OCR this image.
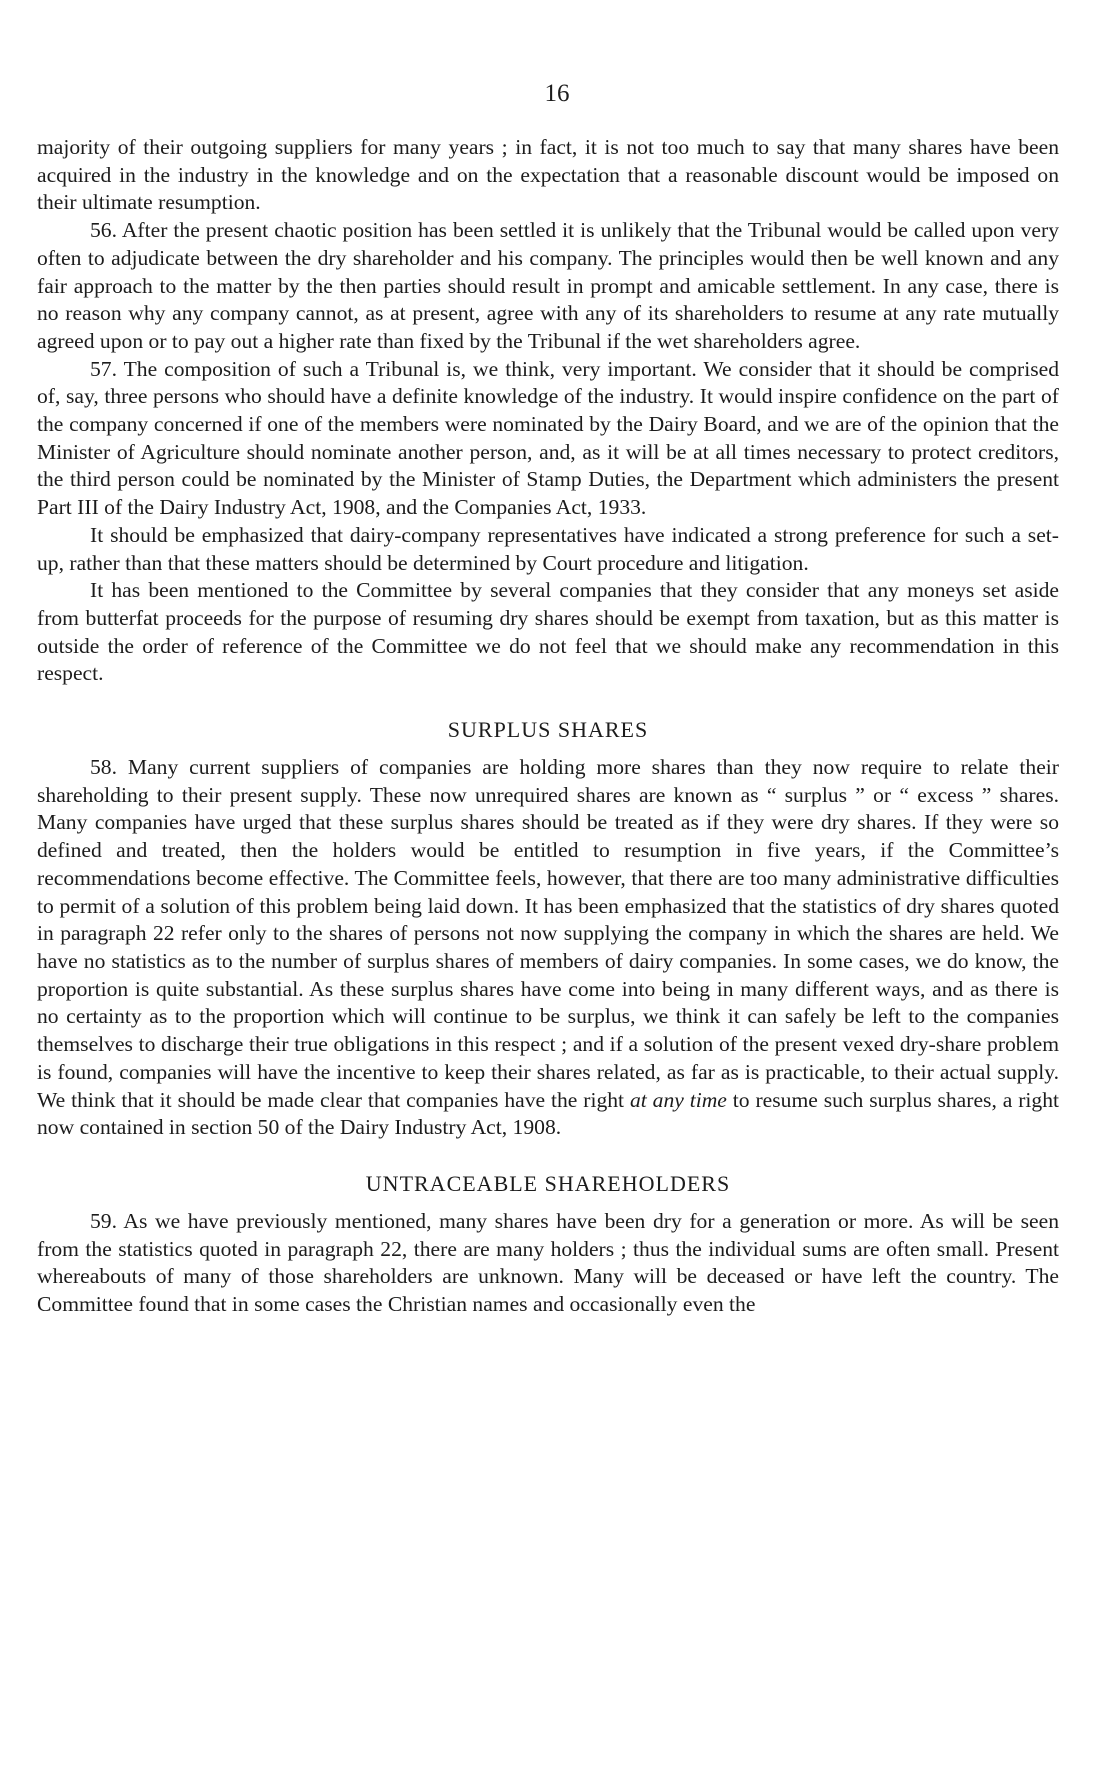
16

majority of their outgoing suppliers for many years ; in fact, it is not too much to say that many shares have been acquired in the industry in the knowledge and on the expectation that a reasonable discount would be imposed on their ultimate resumption.

56. After the present chaotic position has been settled it is unlikely that the Tribunal would be called upon very often to adjudicate between the dry shareholder and his company. The principles would then be well known and any fair approach to the matter by the then parties should result in prompt and amicable settlement. In any case, there is no reason why any company cannot, as at present, agree with any of its shareholders to resume at any rate mutually agreed upon or to pay out a higher rate than fixed by the Tribunal if the wet shareholders agree.

57. The composition of such a Tribunal is, we think, very important. We consider that it should be comprised of, say, three persons who should have a definite knowledge of the industry. It would inspire confidence on the part of the company concerned if one of the members were nominated by the Dairy Board, and we are of the opinion that the Minister of Agriculture should nominate another person, and, as it will be at all times necessary to protect creditors, the third person could be nominated by the Minister of Stamp Duties, the Department which administers the present Part III of the Dairy Industry Act, 1908, and the Companies Act, 1933.

It should be emphasized that dairy-company representatives have indicated a strong preference for such a set-up, rather than that these matters should be determined by Court procedure and litigation.

It has been mentioned to the Committee by several companies that they consider that any moneys set aside from butterfat proceeds for the purpose of resuming dry shares should be exempt from taxation, but as this matter is outside the order of reference of the Committee we do not feel that we should make any recommendation in this respect.

SURPLUS SHARES

58. Many current suppliers of companies are holding more shares than they now require to relate their shareholding to their present supply. These now unrequired shares are known as “ surplus ” or “ excess ” shares. Many companies have urged that these surplus shares should be treated as if they were dry shares. If they were so defined and treated, then the holders would be entitled to resumption in five years, if the Committee’s recommendations become effective. The Committee feels, however, that there are too many administrative difficulties to permit of a solution of this problem being laid down. It has been emphasized that the statistics of dry shares quoted in paragraph 22 refer only to the shares of persons not now supplying the company in which the shares are held. We have no statistics as to the number of surplus shares of members of dairy companies. In some cases, we do know, the proportion is quite substantial. As these surplus shares have come into being in many different ways, and as there is no certainty as to the proportion which will continue to be surplus, we think it can safely be left to the companies themselves to discharge their true obligations in this respect ; and if a solution of the present vexed dry-share problem is found, companies will have the incentive to keep their shares related, as far as is practicable, to their actual supply. We think that it should be made clear that companies have the right at any time to resume such surplus shares, a right now contained in section 50 of the Dairy Industry Act, 1908.

UNTRACEABLE SHAREHOLDERS

59. As we have previously mentioned, many shares have been dry for a generation or more. As will be seen from the statistics quoted in paragraph 22, there are many holders ; thus the individual sums are often small. Present whereabouts of many of those shareholders are unknown. Many will be deceased or have left the country. The Committee found that in some cases the Christian names and occasionally even the
